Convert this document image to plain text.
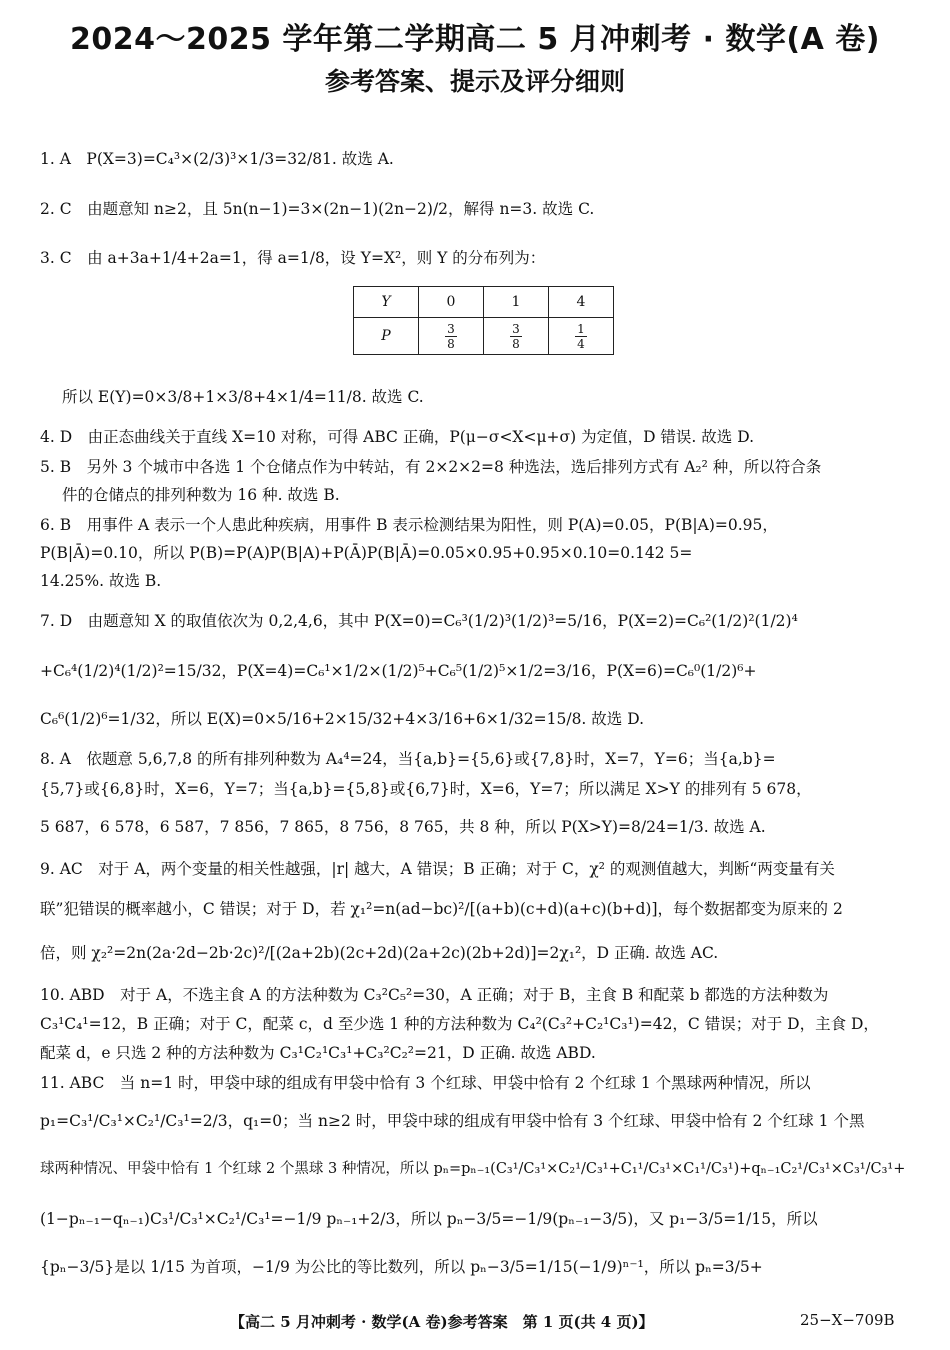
2024～2025 学年第二学期高二 5 月冲刺考 · 数学(A 卷)
参考答案、提示及评分细则
1. A　P(X=3)=C₄³×(2/3)³×1/3=32/81. 故选 A.
2. C　由题意知 n≥2，且 5n(n−1)=3×(2n−1)(2n−2)/2，解得 n=3. 故选 C.
3. C　由 a+3a+1/4+2a=1，得 a=1/8，设 Y=X²，则 Y 的分布列为：
Y	0	1	4
P	$\frac{3}{8}$	$\frac{3}{8}$	$\frac{1}{4}$
所以 E(Y)=0×3/8+1×3/8+4×1/4=11/8. 故选 C.
4. D　由正态曲线关于直线 X=10 对称，可得 ABC 正确，P(μ−σ<X<μ+σ) 为定值，D 错误. 故选 D.
5. B　另外 3 个城市中各选 1 个仓储点作为中转站，有 2×2×2=8 种选法，选后排列方式有 A₂² 种，所以符合条
件的仓储点的排列种数为 16 种. 故选 B.
6. B　用事件 A 表示一个人患此种疾病，用事件 B 表示检测结果为阳性，则 P(A)=0.05，P(B|A)=0.95，
P(B|Ā)=0.10，所以 P(B)=P(A)P(B|A)+P(Ā)P(B|Ā)=0.05×0.95+0.95×0.10=0.142 5=
14.25%. 故选 B.
7. D　由题意知 X 的取值依次为 0,2,4,6，其中 P(X=0)=C₆³(1/2)³(1/2)³=5/16，P(X=2)=C₆²(1/2)²(1/2)⁴
+C₆⁴(1/2)⁴(1/2)²=15/32，P(X=4)=C₆¹×1/2×(1/2)⁵+C₆⁵(1/2)⁵×1/2=3/16，P(X=6)=C₆⁰(1/2)⁶+
C₆⁶(1/2)⁶=1/32，所以 E(X)=0×5/16+2×15/32+4×3/16+6×1/32=15/8. 故选 D.
8. A　依题意 5,6,7,8 的所有排列种数为 A₄⁴=24，当{a,b}={5,6}或{7,8}时，X=7，Y=6；当{a,b}=
{5,7}或{6,8}时，X=6，Y=7；当{a,b}={5,8}或{6,7}时，X=6，Y=7；所以满足 X>Y 的排列有 5 678，
5 687，6 578，6 587，7 856，7 865，8 756，8 765，共 8 种，所以 P(X>Y)=8/24=1/3. 故选 A.
9. AC　对于 A，两个变量的相关性越强，|r| 越大，A 错误；B 正确；对于 C，χ² 的观测值越大，判断“两变量有关
联”犯错误的概率越小，C 错误；对于 D，若 χ₁²=n(ad−bc)²/[(a+b)(c+d)(a+c)(b+d)]，每个数据都变为原来的 2
倍，则 χ₂²=2n(2a·2d−2b·2c)²/[(2a+2b)(2c+2d)(2a+2c)(2b+2d)]=2χ₁²，D 正确. 故选 AC.
10. ABD　对于 A，不选主食 A 的方法种数为 C₃²C₅²=30，A 正确；对于 B，主食 B 和配菜 b 都选的方法种数为
C₃¹C₄¹=12，B 正确；对于 C，配菜 c，d 至少选 1 种的方法种数为 C₄²(C₃²+C₂¹C₃¹)=42，C 错误；对于 D，主食 D，
配菜 d，e 只选 2 种的方法种数为 C₃¹C₂¹C₃¹+C₃²C₂²=21，D 正确. 故选 ABD.
11. ABC　当 n=1 时，甲袋中球的组成有甲袋中恰有 3 个红球、甲袋中恰有 2 个红球 1 个黑球两种情况，所以
p₁=C₃¹/C₃¹×C₂¹/C₃¹=2/3，q₁=0；当 n≥2 时，甲袋中球的组成有甲袋中恰有 3 个红球、甲袋中恰有 2 个红球 1 个黑
球两种情况、甲袋中恰有 1 个红球 2 个黑球 3 种情况，所以 pₙ=pₙ₋₁(C₃¹/C₃¹×C₂¹/C₃¹+C₁¹/C₃¹×C₁¹/C₃¹)+qₙ₋₁C₂¹/C₃¹×C₃¹/C₃¹+
(1−pₙ₋₁−qₙ₋₁)C₃¹/C₃¹×C₂¹/C₃¹=−1/9 pₙ₋₁+2/3，所以 pₙ−3/5=−1/9(pₙ₋₁−3/5)，又 p₁−3/5=1/15，所以
{pₙ−3/5}是以 1/15 为首项，−1/9 为公比的等比数列，所以 pₙ−3/5=1/15(−1/9)ⁿ⁻¹，所以 pₙ=3/5+
【高二 5 月冲刺考 · 数学(A 卷)参考答案　第 1 页(共 4 页)】	25−X−709B
